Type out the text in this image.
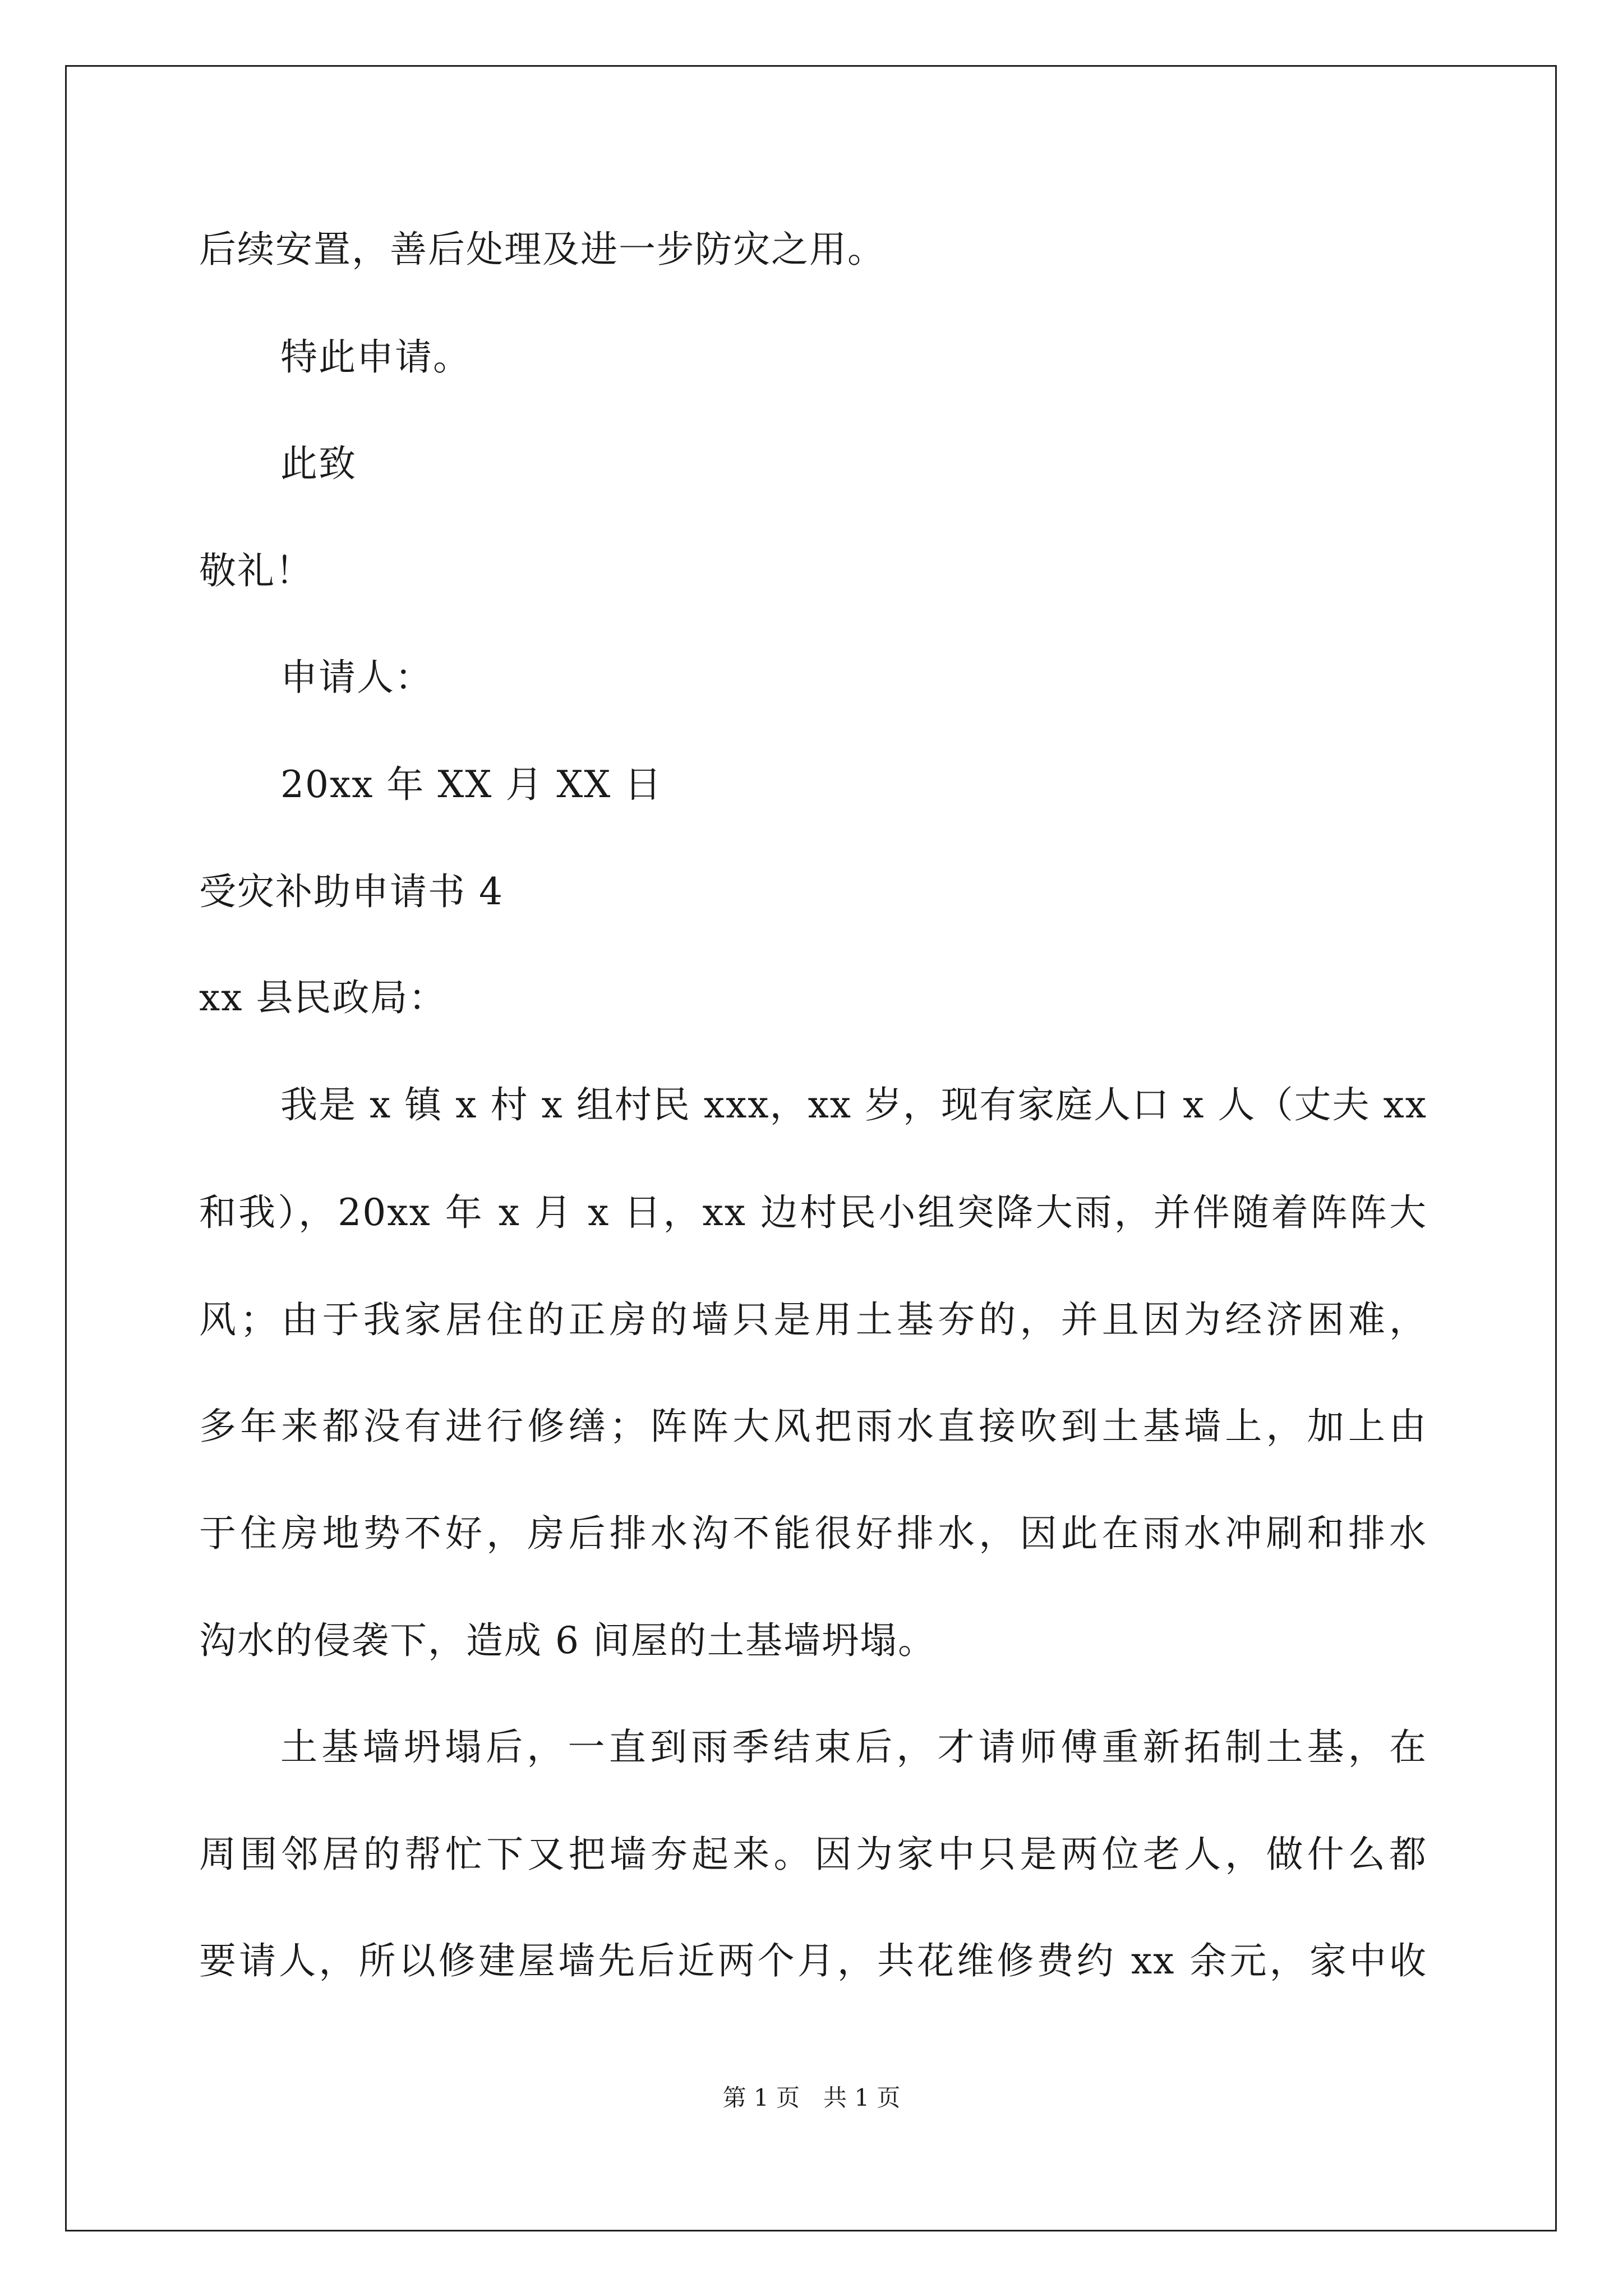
后续安置，善后处理及进一步防灾之用。
特此申请。
此致
敬礼！
申请人：
20xx 年 XX 月 XX 日
受灾补助申请书 4
xx 县民政局：
我是 x 镇 x 村 x 组村民 xxx，xx 岁，现有家庭人口 x 人（丈夫 xx
和我），20xx 年 x 月 x 日，xx 边村民小组突降大雨，并伴随着阵阵大
风；由于我家居住的正房的墙只是用土基夯的，并且因为经济困难，
多年来都没有进行修缮；阵阵大风把雨水直接吹到土基墙上，加上由
于住房地势不好，房后排水沟不能很好排水，因此在雨水冲刷和排水
沟水的侵袭下，造成 6 间屋的土基墙坍塌。
土基墙坍塌后，一直到雨季结束后，才请师傅重新拓制土基，在
周围邻居的帮忙下又把墙夯起来。因为家中只是两位老人，做什么都
要请人，所以修建屋墙先后近两个月，共花维修费约 xx 余元，家中收
第 1 页　共 1 页
